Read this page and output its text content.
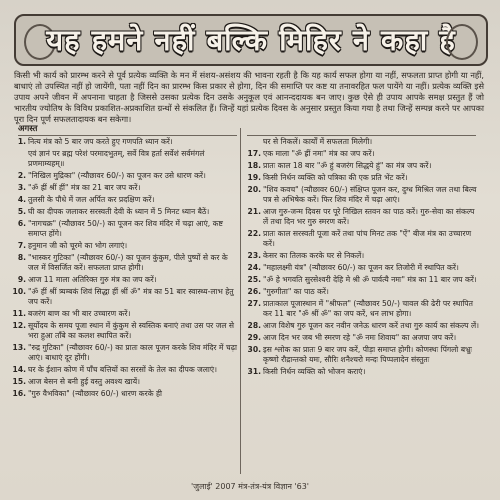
यह हमने नहीं बल्कि मिहिर ने कहा है
किसी भी कार्य को प्रारम्भ करने से पूर्व प्रत्येक व्यक्ति के मन में संशय-असंशय की भावना रहती है कि यह कार्य सफल होगा या नहीं, सफलता प्राप्त होगी या नहीं, बाधाएं तो उपस्थित नहीं हो जायेंगी, पता नहीं दिन का प्रारम्भ किस प्रकार से होगा, दिन की समाप्ति पर कष्ट या तनावरहित फल पायेंगे या नहीं। प्रत्येक व्यक्ति इसे उपाय अपने जीवन में अपनाना चाहता है जिससे उसका प्रत्येक दिन उसके अनुकूल एवं आनन्ददायक बन जाए। कुछ ऐसे ही उपाय आपके समक्ष प्रस्तुत हैं जो भारतीय ज्योतिष के विविध प्रकाशित-अप्रकाशित ग्रन्थों से संकलित हैं। जिन्हें यहां प्रत्येक दिवस के अनुसार प्रस्तुत किया गया है तथा जिन्हें सम्पन्न करने पर आपका पूरा दिन पूर्ण सफलतादायक बन सकेगा।
अगस्त
1. नित्य मंत्र को 5 बार जप करते हुए गणपति ध्यान करें।
एवं ज्ञानं पर ब्रह्म परेशं परमादभुतम्, सर्वे वित्र हर्ता सर्वेशं सर्वमंगलं प्रणमाम्यहम्॥
2. "निखिल मुद्रिका" (न्यौछावर 60/-) का पूजन कर उसे धारण करें।
3. "ॐ ह्रीं श्रीं हीं" मंत्र का 21 बार जप करें।
4. तुलसी के पौधे में जल अर्पित कर प्रदक्षिण करें।
5. घी का दीपक जलाकर सरस्वती देवी के ध्यान में 5 मिनट ध्यान बैठें।
6. "नागचक्र" (न्यौछावर 50/-) का पूजन कर शिव मंदिर में चढ़ा आएं, कष्ट समाप्त होंगे।
7. हनुमान जी को चूरमे का भोग लगाएं।
8. "भास्कर गुटिका" (न्यौछावर 60/-) का पूजन कुंकुम, पीले पुष्पों से कर के जल में विसर्जित करें। सफलता प्राप्त होगी।
9. आज 11 माला अतिरिक्त गुरु मंत्र का जप करें।
10. "ॐ हीं श्रीं त्र्यम्बकं शिवं सिद्धा हीं श्रीं ॐ" मंत्र का 51 बार स्वास्थ्य-लाभ हेतु जप करें।
11. बजरंग बाण का भी बार उच्चारण करें।
12. सूर्योदय के समय पूजा स्थान में कुंकुम से स्वस्तिक बनाएं तथा उस पर जल से भरा हुआ ताँबे का कलश स्थापित करें।
13. "रुद्र गुटिका" (न्यौछावर 60/-) का प्रातः काल पूजन करके शिव मंदिर में चढ़ा आएं। बाधाएं दूर होंगी।
14. घर के ईशान कोण में पाँच बत्तियों का सरसों के तेल का दीपक जलाएं।
15. आज बेसन से बनी हुई वस्तु अवश्य खायें।
16. "गुरु वैभविका" (न्यौछावर 60/-) धारण करके ही
घर से निकलें। कार्यों में सफलता मिलेगी।
17. एक माला "ॐ ह्रीं नमः" मंत्र का जप करें।
18. प्रातः काल 18 बार "ॐ हुं बजरंग सिद्धये हुं" का मंत्र जप करें।
19. किसी निर्धन व्यक्ति को पत्रिका की एक प्रति भेंट करें।
20. "शिव कवच" (न्यौछावर 60/-) संक्षिप्त पूजन कर, दुग्ध मिश्रित जल तथा बिल्व पत्र से अभिषेक करें। फिर शिव मंदिर में चढ़ा आएं।
21. आज गुरु-जन्म दिवस पर पूरे निखिल स्तवन का पाठ करें। गुरु-सेवा का संकल्प लें तथा दिन भर गुरु स्मरण करें।
22. प्रातः काल सरस्वती पूजा करें तथा पांच मिनट तक "ऐं" बीज मंत्र का उच्चारण करें।
23. केसर का तिलक करके घर से निकलें।
24. "महालक्ष्मी यंत्र" (न्यौछावर 60/-) का पूजन कर तिजोरी में स्थापित करें।
25. "ॐ हे भगवति सुरसेश्वरी देहि मे श्री ॐ पार्वत्यै नमः" मंत्र का 11 बार जप करें।
26. "गुरुगीता" का पाठ करें।
27. प्रातःकाल पूजास्थान में "श्रीफल" (न्यौछावर 50/-) चावल की ढेरी पर स्थापित कर 11 बार "ॐ श्रीं ॐ" का जप करें, धन लाभ होगा।
28. आज विशेष गुरु पूजन कर नवीन जनेऊ धारण करें तथा गुरु कार्य का संकल्प लें।
29. आज दिन भर जब भी स्मरण रहे "ॐ नमः शिवाय" का अजपा जप करें।
30. इस श्लोक का प्रातः 9 बार जप करें, पीड़ा समाप्त होगी। कोणस्थः पिंगलो बभ्रुः कृष्णो रौद्रान्तको यमः, सौरिः शनैश्चरो मन्दः पिप्पलादेन संस्तुतः
31. किसी निर्धन व्यक्ति को भोजन कराएं।
'जुलाई' 2007 मंत्र-तंत्र-यंत्र विज्ञान '63'
